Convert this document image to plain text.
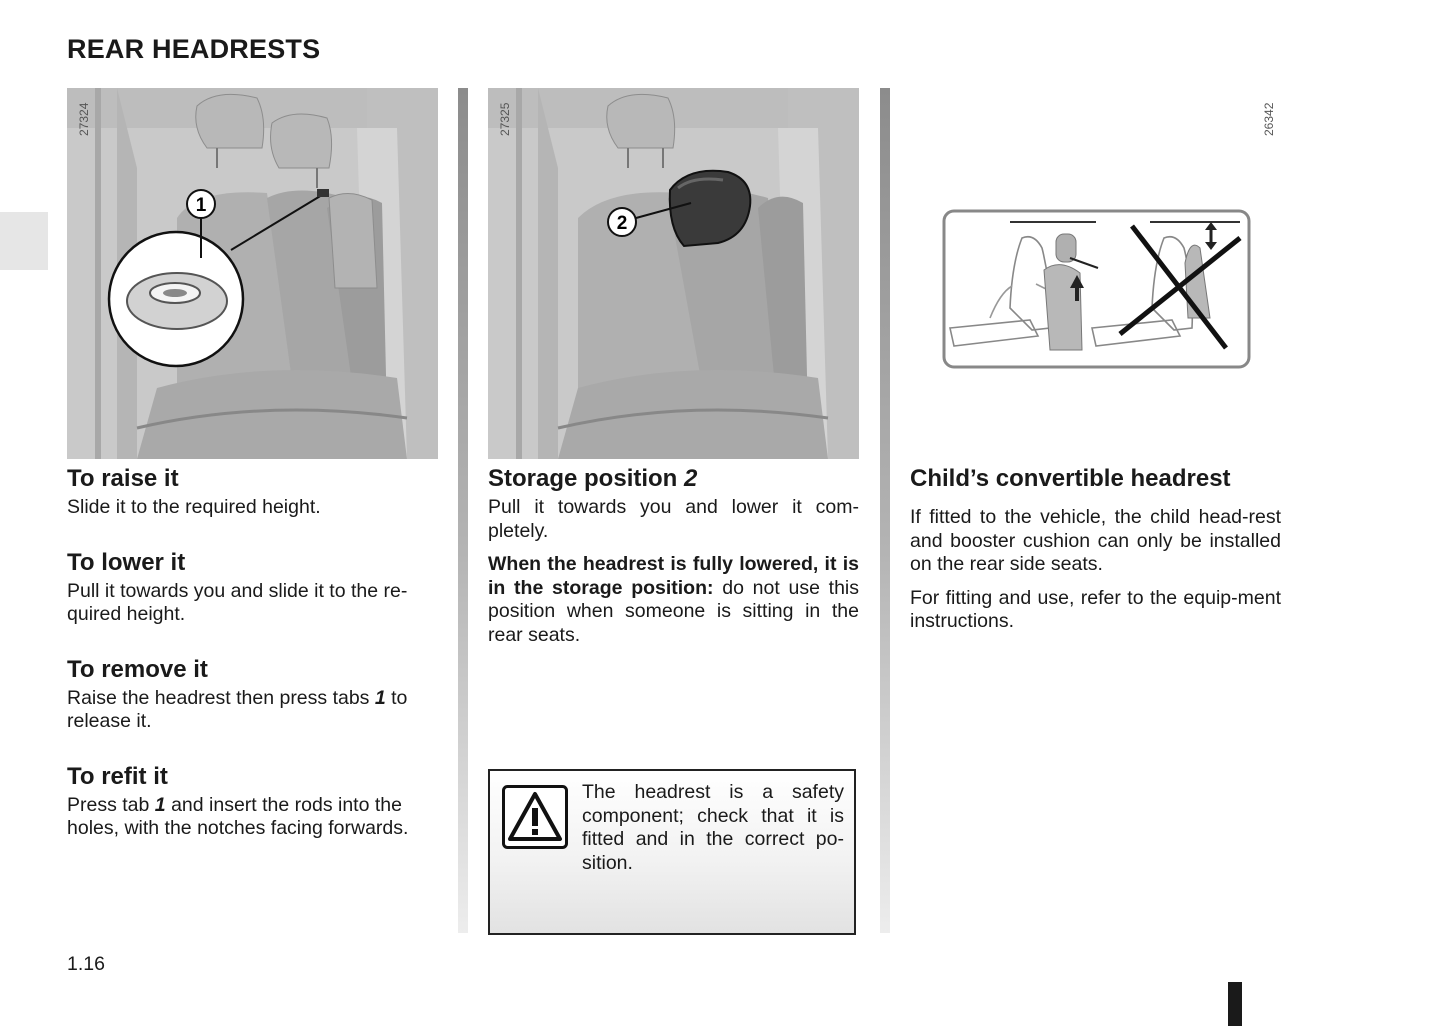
REAR HEADRESTS
1
27324
2
27325	26342
To raise it

Slide it to the required height.

To lower it

Pull it towards you and slide it to the re-quired height.

To remove it

Raise the headrest then press tabs 1 to release it.

To refit it

Press tab 1 and insert the rods into the holes, with the notches facing forwards.

Storage position 2

Pull it towards you and lower it com-pletely.

When the headrest is fully lowered, it is in the storage position: do not use this position when someone is sitting in the rear seats.

The headrest is a safety component; check that it is fitted and in the correct po-sition.
Child’s convertible headrest

If fitted to the vehicle, the child head-rest and booster cushion can only be installed on the rear side seats.

For fitting and use, refer to the equip-ment instructions.

1.16
